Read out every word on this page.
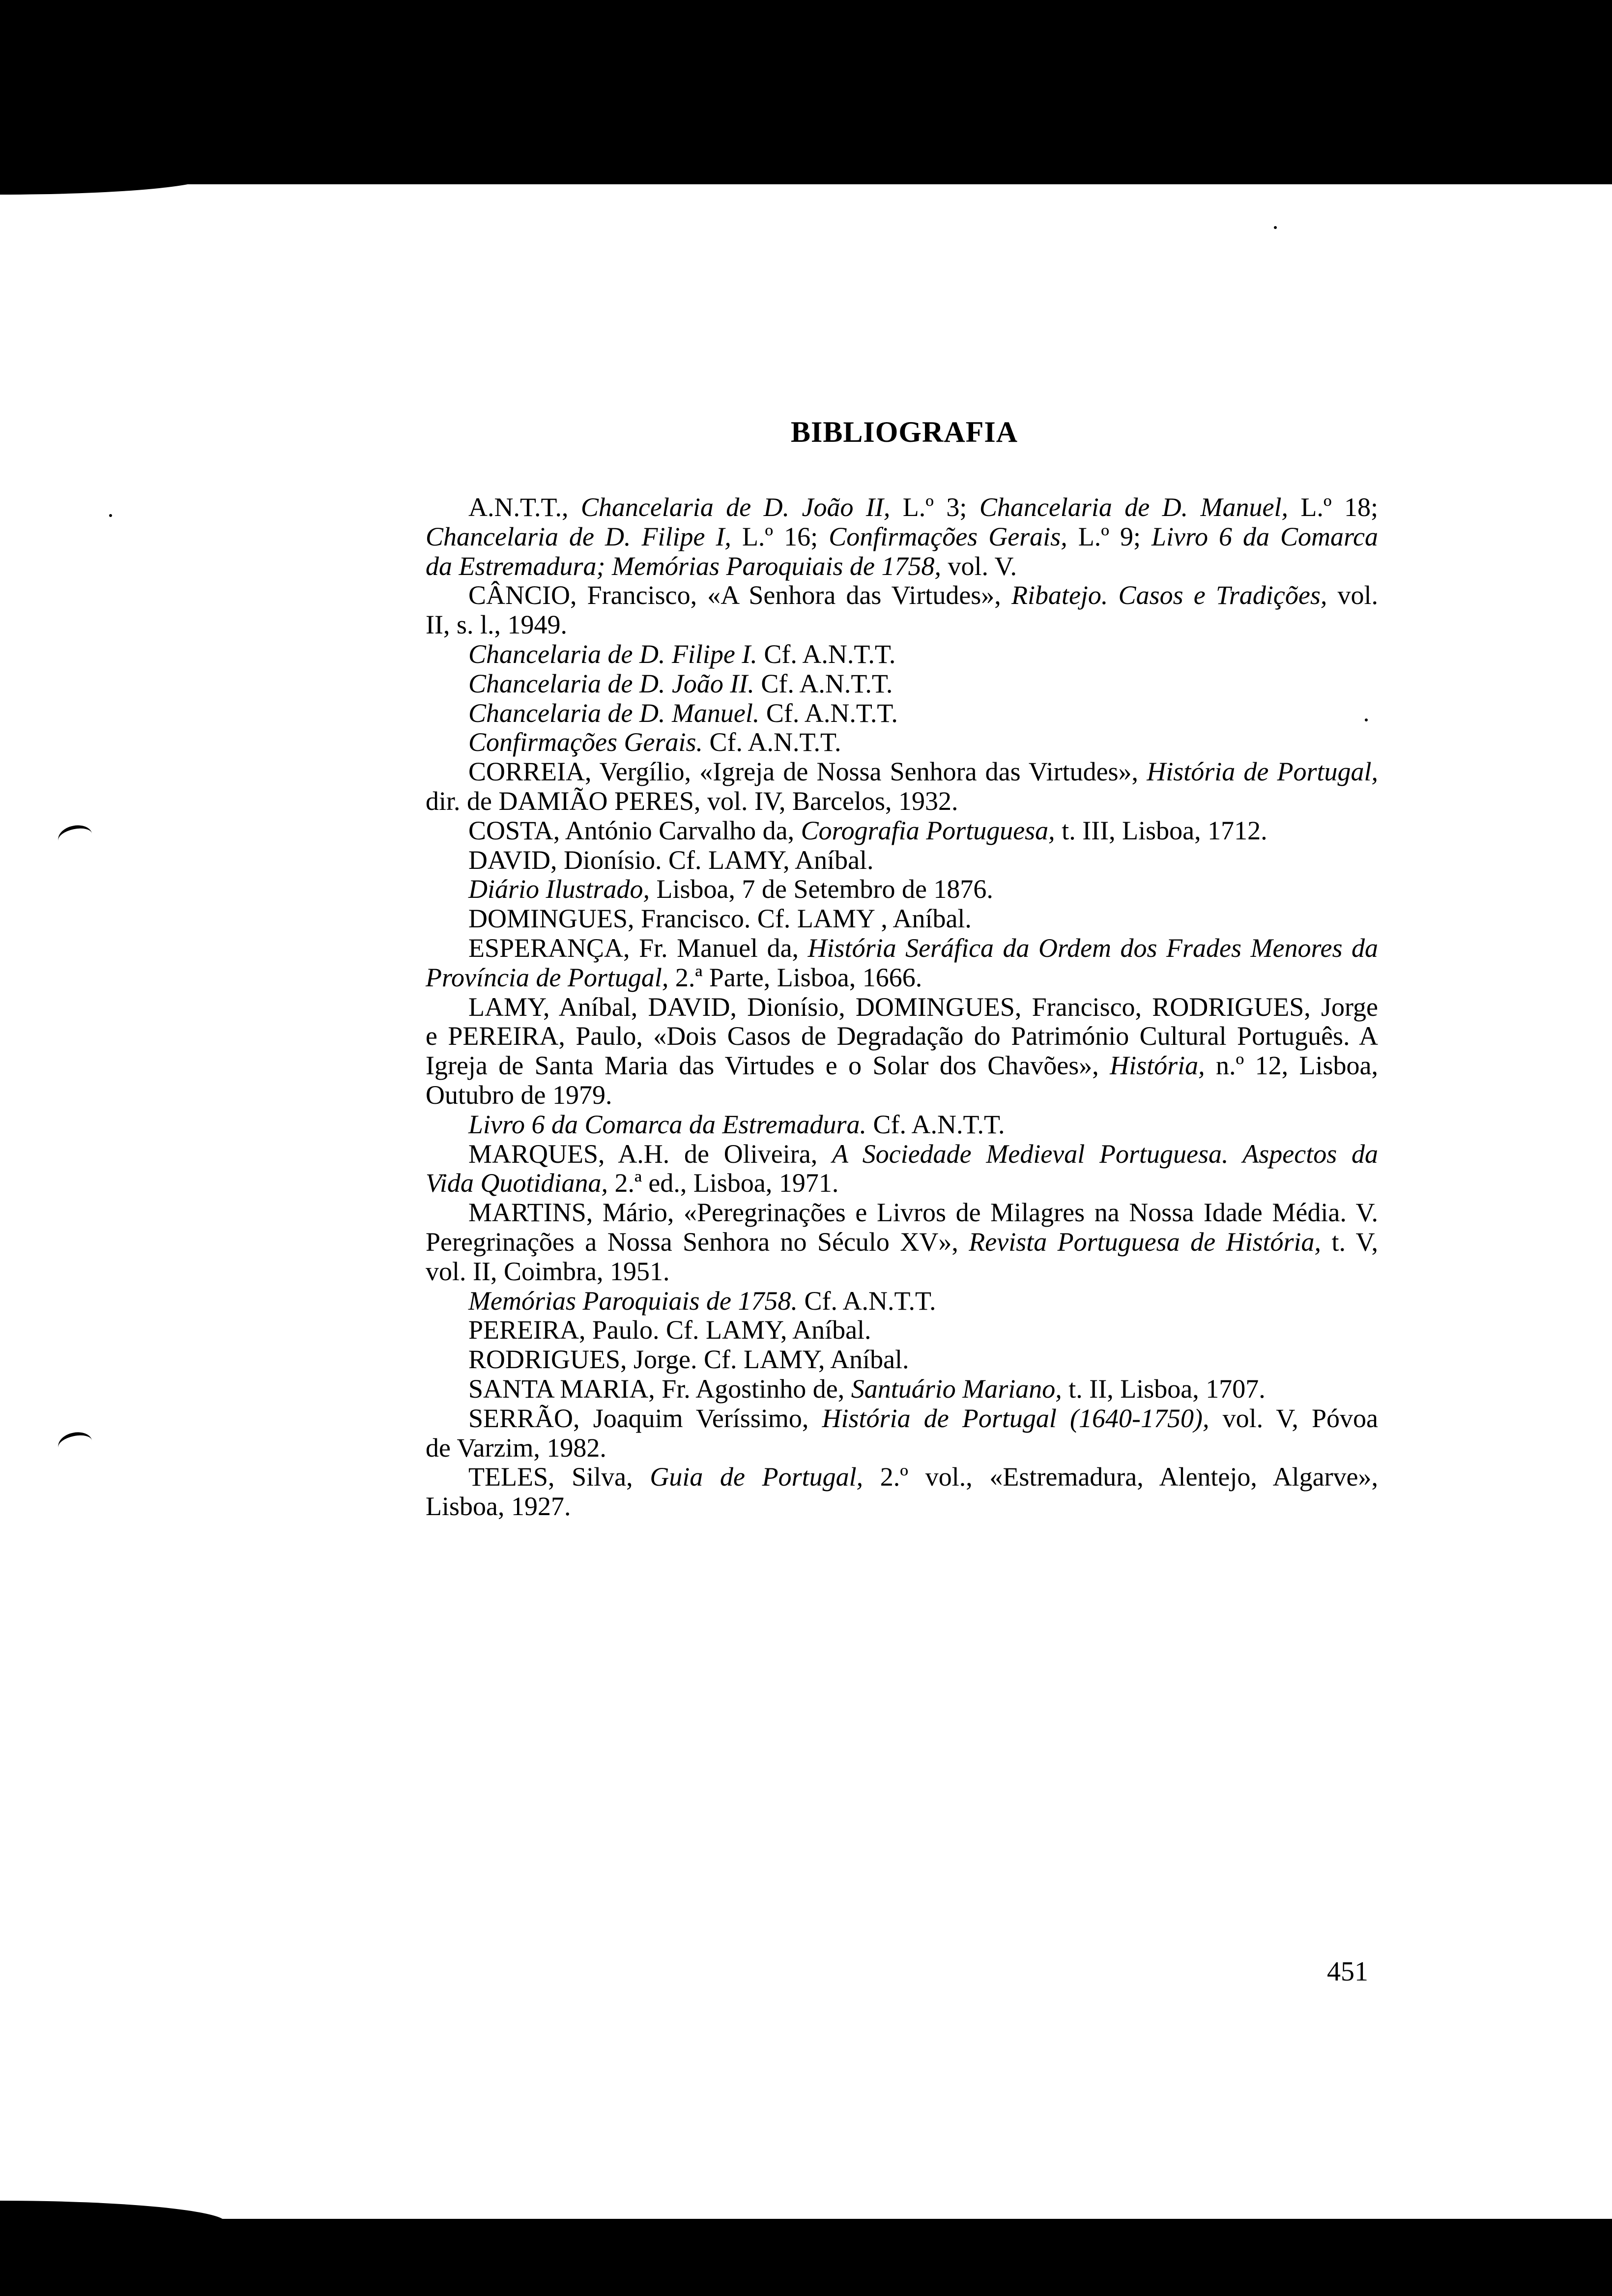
BIBLIOGRAFIA
A.N.T.T., Chancelaria de D. João II, L.º 3; Chancelaria de D. Manuel, L.º 18;
Chancelaria de D. Filipe I, L.º 16; Confirmações Gerais, L.º 9; Livro 6 da Comarca
da Estremadura; Memórias Paroquiais de 1758, vol. V.
CÂNCIO, Francisco, «A Senhora das Virtudes», Ribatejo. Casos e Tradições, vol.
II, s. l., 1949.
Chancelaria de D. Filipe I. Cf. A.N.T.T.
Chancelaria de D. João II. Cf. A.N.T.T.
Chancelaria de D. Manuel. Cf. A.N.T.T.
Confirmações Gerais. Cf. A.N.T.T.
CORREIA, Vergílio, «Igreja de Nossa Senhora das Virtudes», História de Portugal,
dir. de DAMIÃO PERES, vol. IV, Barcelos, 1932.
COSTA, António Carvalho da, Corografia Portuguesa, t. III, Lisboa, 1712.
DAVID, Dionísio. Cf. LAMY, Aníbal.
Diário Ilustrado, Lisboa, 7 de Setembro de 1876.
DOMINGUES, Francisco. Cf. LAMY , Aníbal.
ESPERANÇA, Fr. Manuel da, História Seráfica da Ordem dos Frades Menores da
Província de Portugal, 2.ª Parte, Lisboa, 1666.
LAMY, Aníbal, DAVID, Dionísio, DOMINGUES, Francisco, RODRIGUES, Jorge
e PEREIRA, Paulo, «Dois Casos de Degradação do Património Cultural Português. A
Igreja de Santa Maria das Virtudes e o Solar dos Chavões», História, n.º 12, Lisboa,
Outubro de 1979.
Livro 6 da Comarca da Estremadura. Cf. A.N.T.T.
MARQUES, A.H. de Oliveira, A Sociedade Medieval Portuguesa. Aspectos da
Vida Quotidiana, 2.ª ed., Lisboa, 1971.
MARTINS, Mário, «Peregrinações e Livros de Milagres na Nossa Idade Média. V.
Peregrinações a Nossa Senhora no Século XV», Revista Portuguesa de História, t. V,
vol. II, Coimbra, 1951.
Memórias Paroquiais de 1758. Cf. A.N.T.T.
PEREIRA, Paulo. Cf. LAMY, Aníbal.
RODRIGUES, Jorge. Cf. LAMY, Aníbal.
SANTA MARIA, Fr. Agostinho de, Santuário Mariano, t. II, Lisboa, 1707.
SERRÃO, Joaquim Veríssimo, História de Portugal (1640-1750), vol. V, Póvoa
de Varzim, 1982.
TELES, Silva, Guia de Portugal, 2.º vol., «Estremadura, Alentejo, Algarve»,
Lisboa, 1927.
451
